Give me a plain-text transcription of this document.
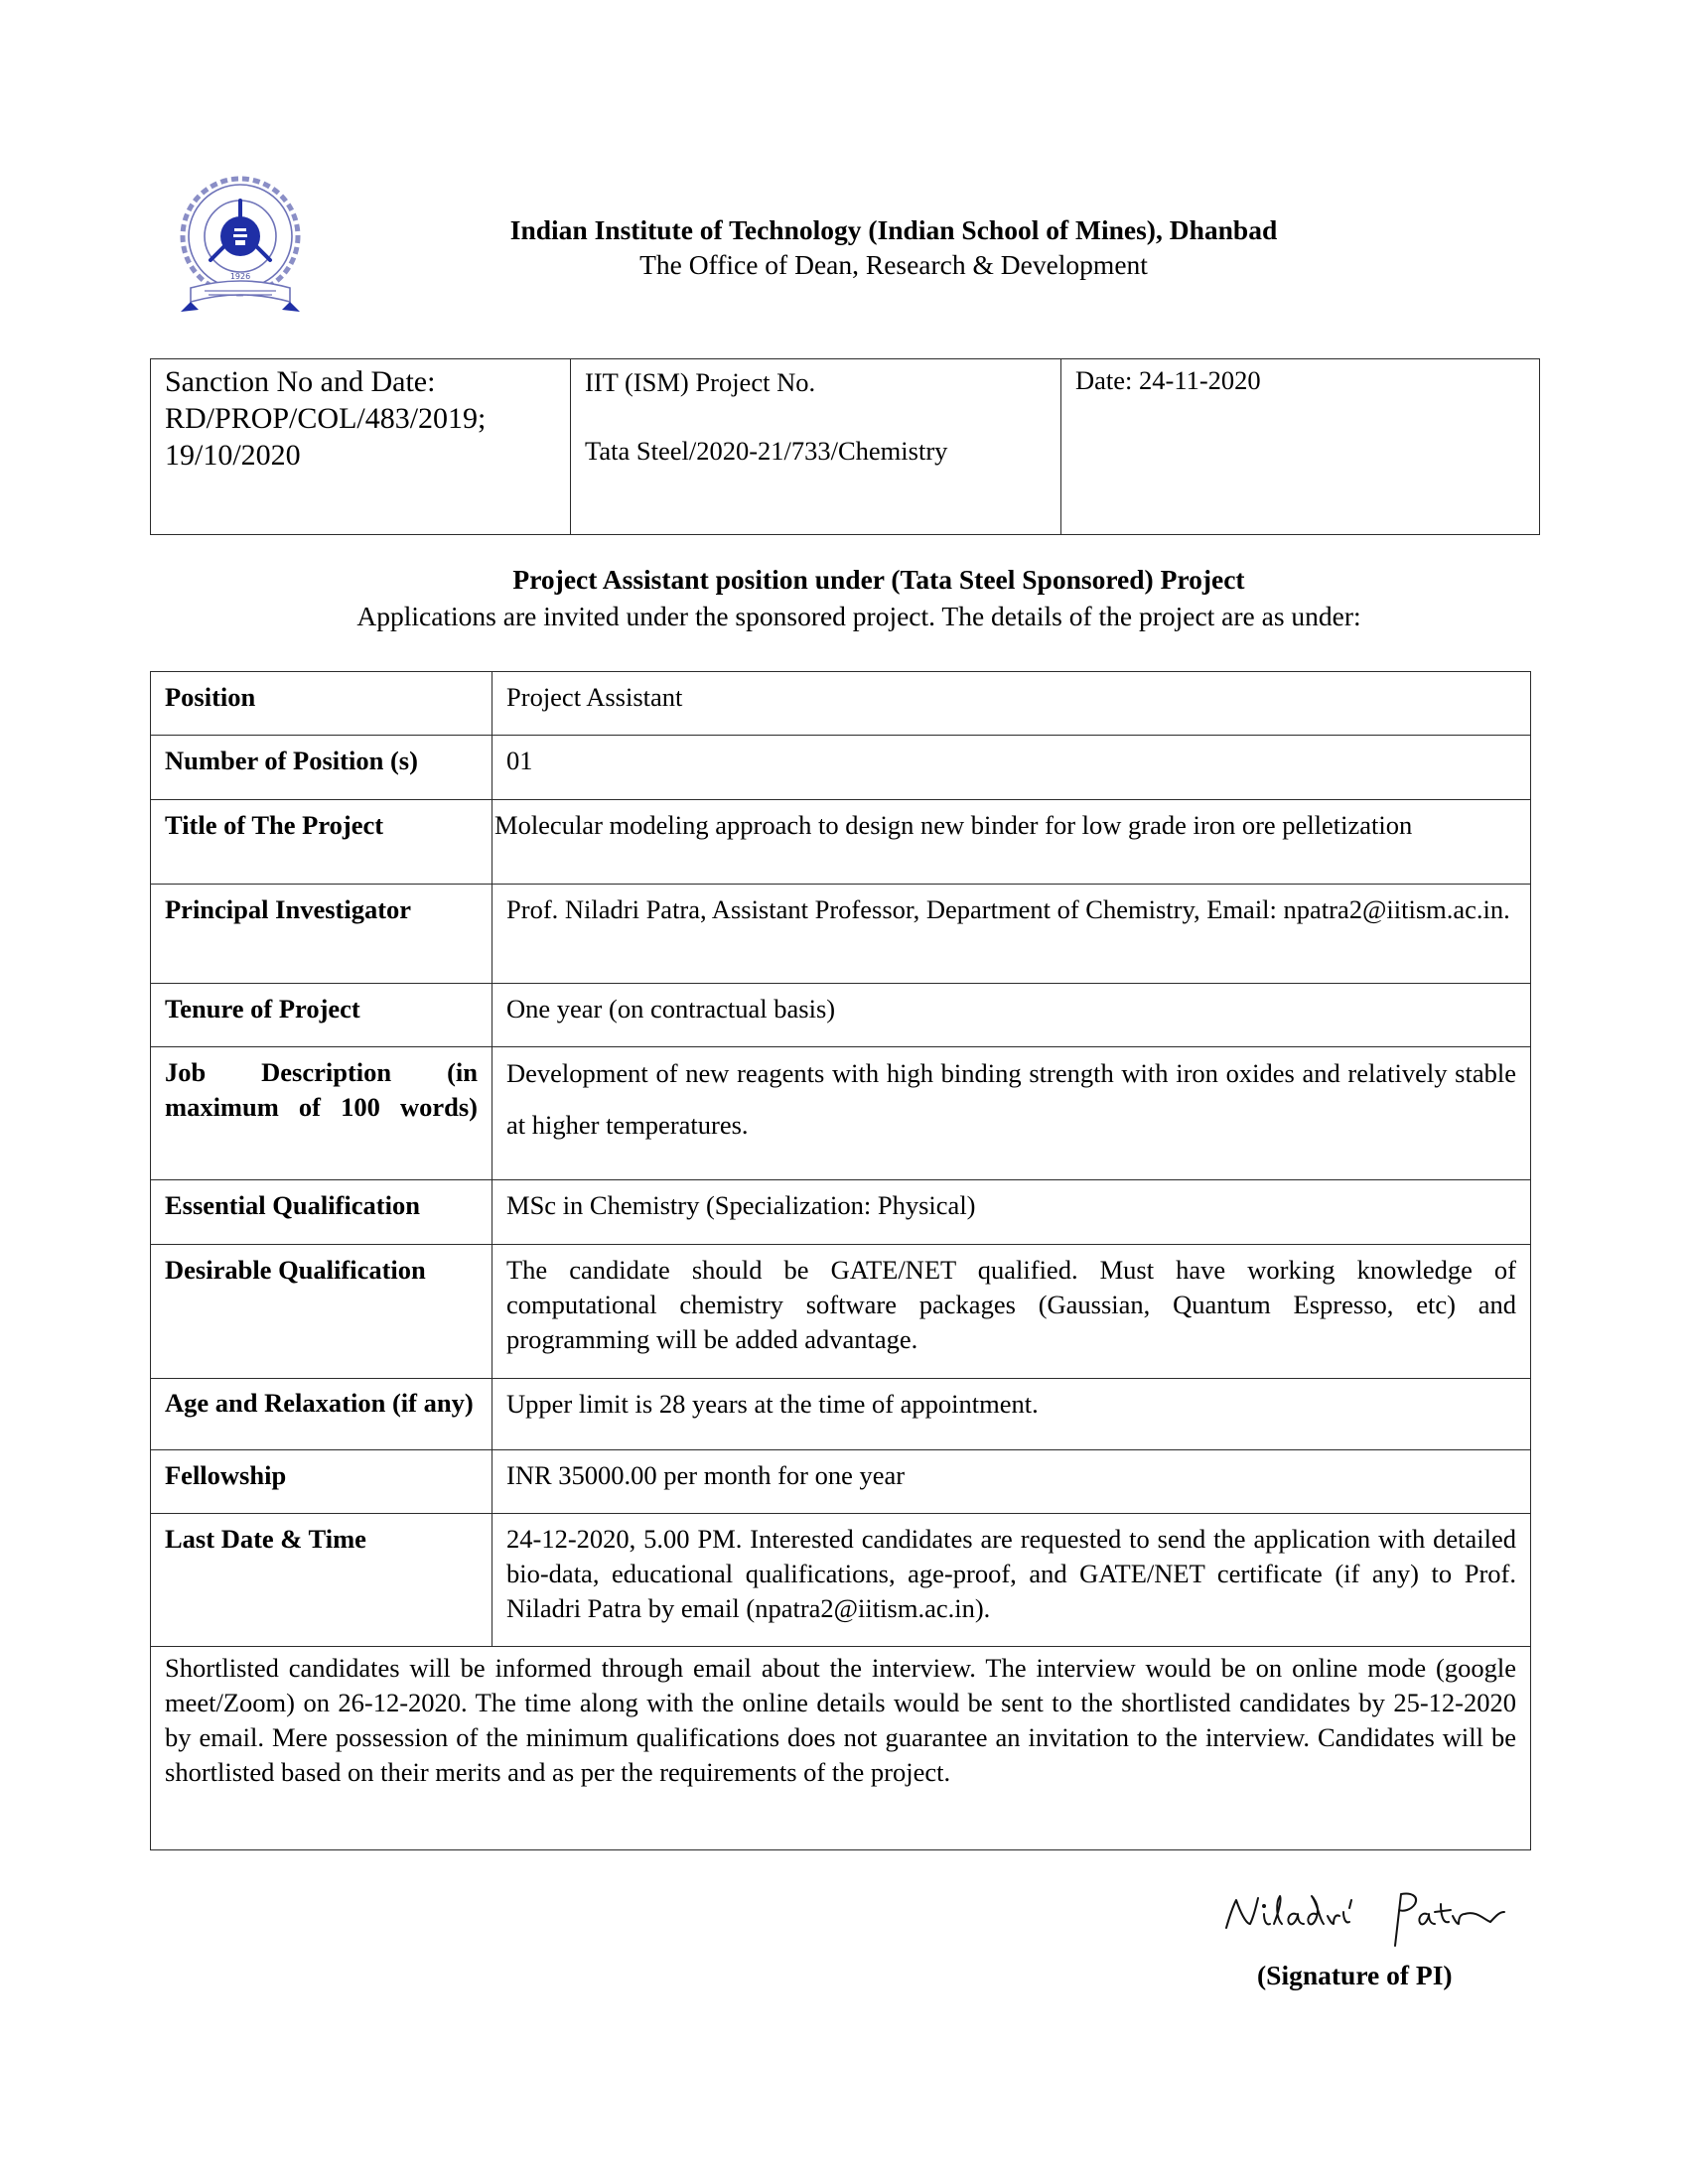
1926
Indian Institute of Technology (Indian School of Mines), Dhanbad
The Office of Dean, Research & Development
Sanction No and Date:
RD/PROP/COL/483/2019;
19/10/2020

IIT (ISM) Project No.
Tata Steel/2020-21/733/Chemistry

Date: 24-11-2020
Project Assistant position under (Tata Steel Sponsored) Project
Applications are invited under the sponsored project. The details of the project are as under:
Position	Project Assistant
Number of Position (s)	01
Title of The Project	Molecular modeling approach to design new binder for low grade iron ore pelletization
Principal Investigator	Prof. Niladri Patra, Assistant Professor, Department of Chemistry, Email: npatra2@iitism.ac.in.
Tenure of Project	One year (on contractual basis)
Job Description (in maximum of 100 words)	Development of new reagents with high binding strength with iron oxides and relatively stable at higher temperatures.
Essential Qualification	MSc in Chemistry (Specialization: Physical)
Desirable Qualification	The candidate should be GATE/NET qualified. Must have working knowledge of computational chemistry software packages (Gaussian, Quantum Espresso, etc) and programming will be added advantage.
Age and Relaxation (if any)	Upper limit is 28 years at the time of appointment.
Fellowship	INR 35000.00 per month for one year
Last Date & Time	24-12-2020, 5.00 PM. Interested candidates are requested to send the application with detailed bio-data, educational qualifications, age-proof, and GATE/NET certificate (if any) to Prof. Niladri Patra by email (npatra2@iitism.ac.in).
Shortlisted candidates will be informed through email about the interview. The interview would be on online mode (google meet/Zoom) on 26-12-2020. The time along with the online details would be sent to the shortlisted candidates by 25-12-2020 by email. Mere possession of the minimum qualifications does not guarantee an invitation to the interview. Candidates will be shortlisted based on their merits and as per the requirements of the project.	
(Signature of PI)
